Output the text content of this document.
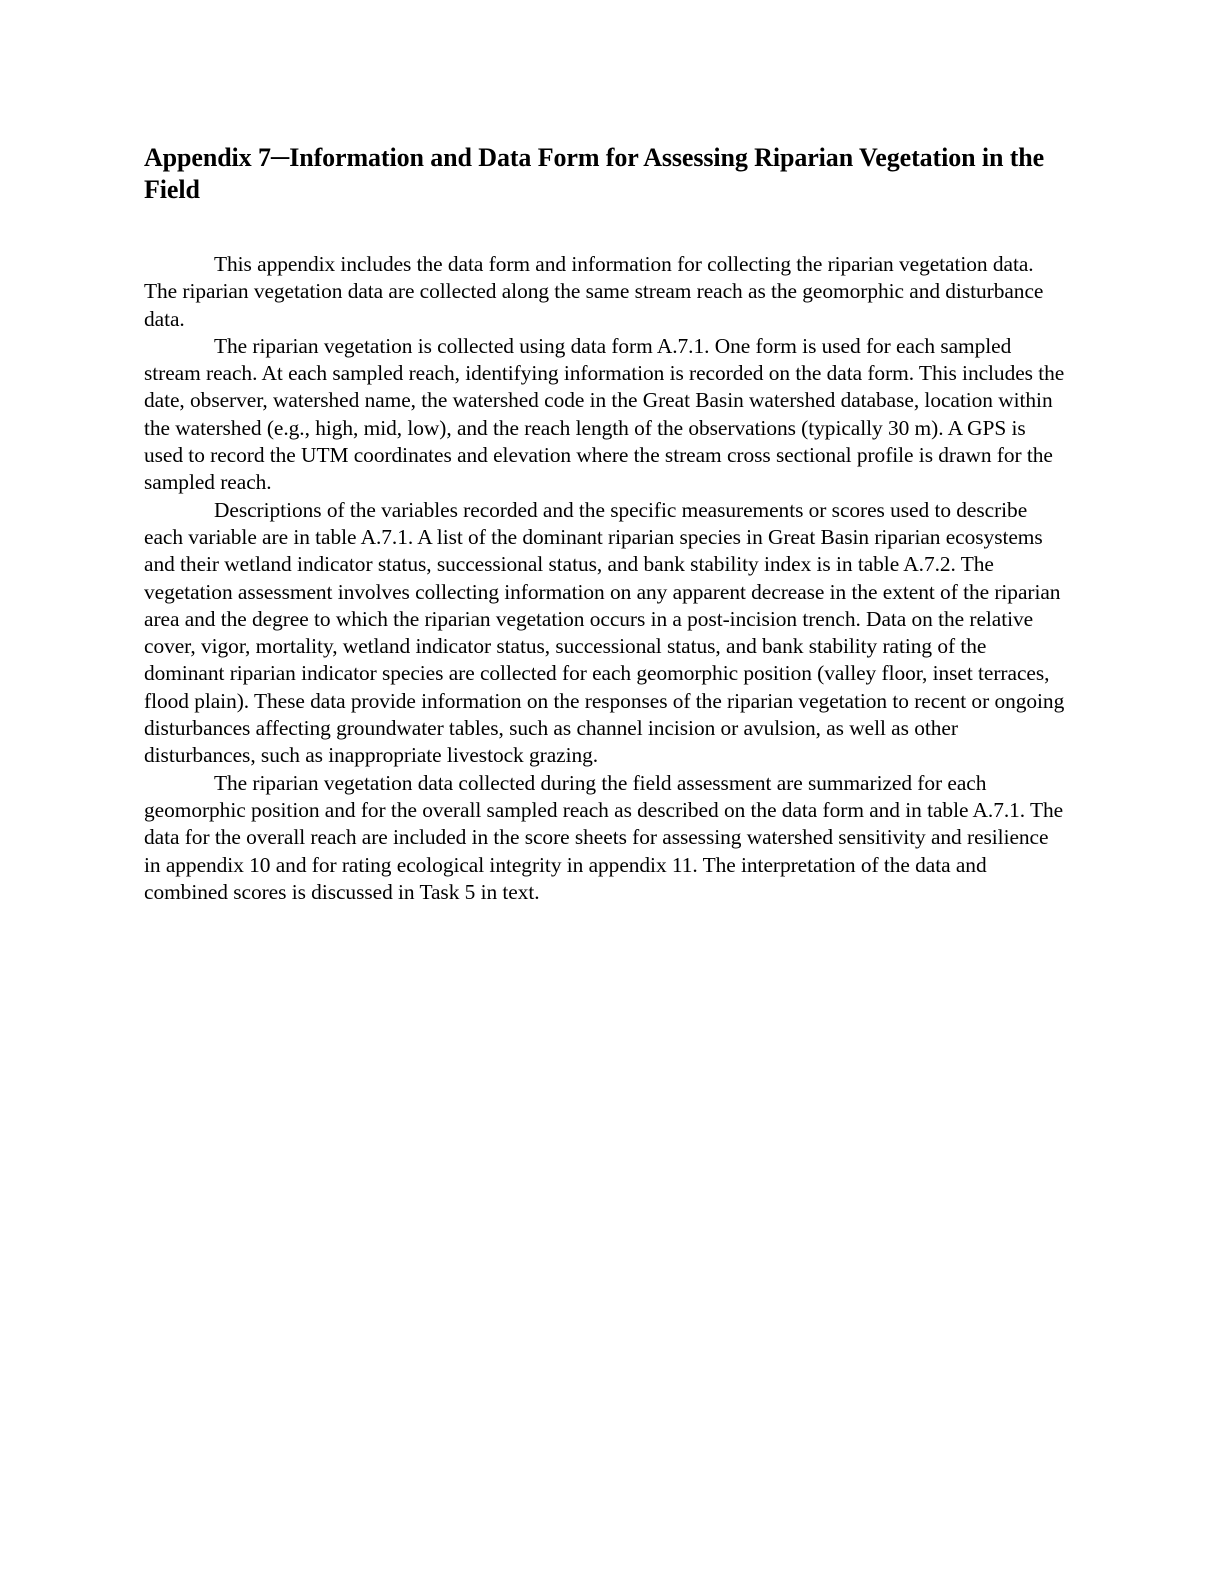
Appendix 7─Information and Data Form for Assessing Riparian Vegetation in the Field

This appendix includes the data form and information for collecting the riparian vegetation data. The riparian vegetation data are collected along the same stream reach as the geomorphic and disturbance data.

The riparian vegetation is collected using data form A.7.1. One form is used for each sampled stream reach. At each sampled reach, identifying information is recorded on the data form. This includes the date, observer, watershed name, the watershed code in the Great Basin watershed database, location within the watershed (e.g., high, mid, low), and the reach length of the observations (typically 30 m). A GPS is used to record the UTM coordinates and elevation where the stream cross sectional profile is drawn for the sampled reach.

Descriptions of the variables recorded and the specific measurements or scores used to describe each variable are in table A.7.1. A list of the dominant riparian species in Great Basin riparian ecosystems and their wetland indicator status, successional status, and bank stability index is in table A.7.2. The vegetation assessment involves collecting information on any apparent decrease in the extent of the riparian area and the degree to which the riparian vegetation occurs in a post-incision trench. Data on the relative cover, vigor, mortality, wetland indicator status, successional status, and bank stability rating of the dominant riparian indicator species are collected for each geomorphic position (valley floor, inset terraces, flood plain). These data provide information on the responses of the riparian vegetation to recent or ongoing disturbances affecting groundwater tables, such as channel incision or avulsion, as well as other disturbances, such as inappropriate livestock grazing.

The riparian vegetation data collected during the field assessment are summarized for each geomorphic position and for the overall sampled reach as described on the data form and in table A.7.1. The data for the overall reach are included in the score sheets for assessing watershed sensitivity and resilience in appendix 10 and for rating ecological integrity in appendix 11. The interpretation of the data and combined scores is discussed in Task 5 in text.
